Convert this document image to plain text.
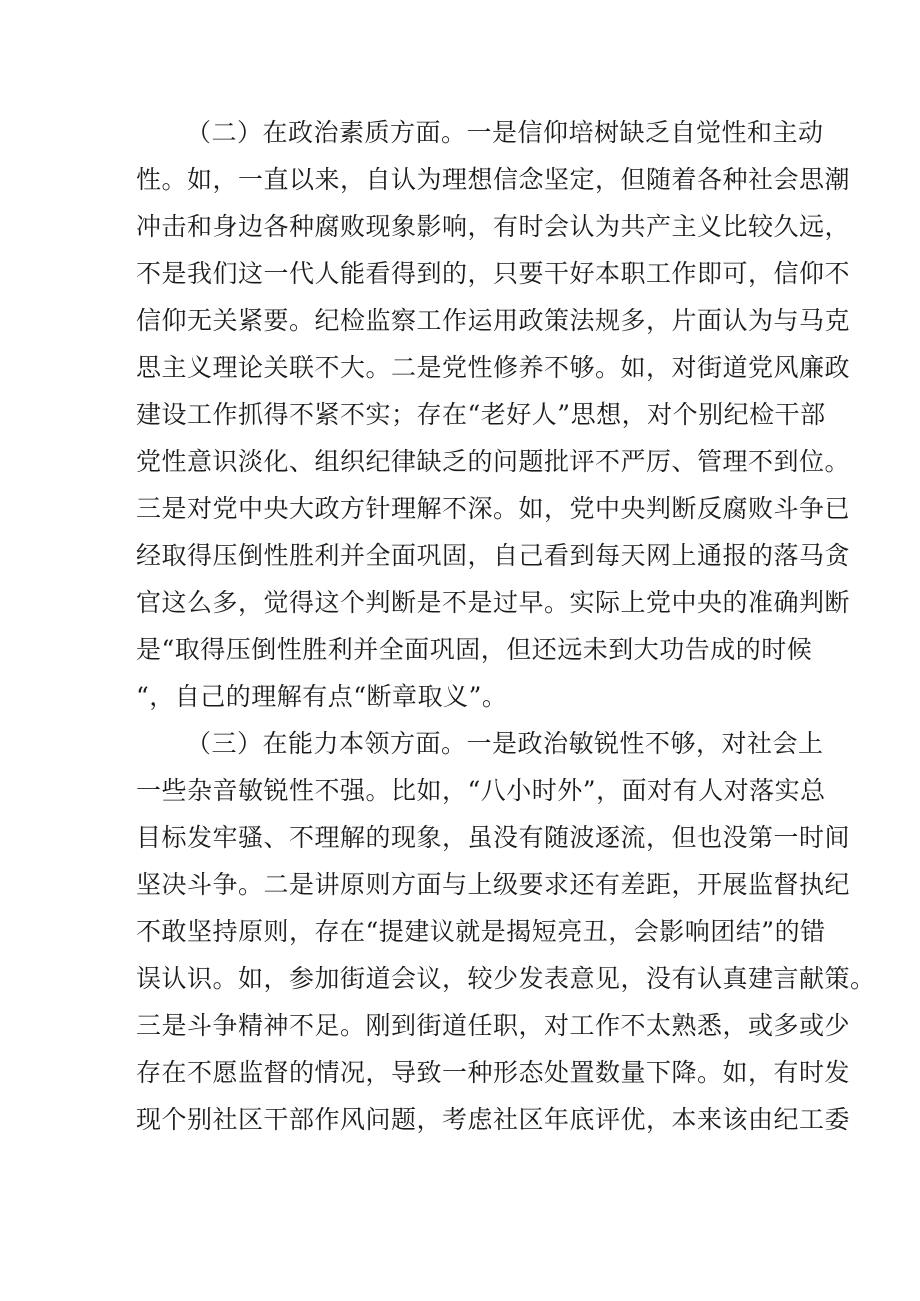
（二）在政治素质方面。一是信仰培树缺乏自觉性和主动
性。如，一直以来，自认为理想信念坚定，但随着各种社会思潮
冲击和身边各种腐败现象影响，有时会认为共产主义比较久远，
不是我们这一代人能看得到的，只要干好本职工作即可，信仰不
信仰无关紧要。纪检监察工作运用政策法规多，片面认为与马克
思主义理论关联不大。二是党性修养不够。如，对街道党风廉政
建设工作抓得不紧不实；存在“老好人”思想，对个别纪检干部
党性意识淡化、组织纪律缺乏的问题批评不严厉、管理不到位。
三是对党中央大政方针理解不深。如，党中央判断反腐败斗争已
经取得压倒性胜利并全面巩固，自己看到每天网上通报的落马贪
官这么多，觉得这个判断是不是过早。实际上党中央的准确判断
是“取得压倒性胜利并全面巩固，但还远未到大功告成的时候
“，自己的理解有点“断章取义”。
（三）在能力本领方面。一是政治敏锐性不够，对社会上
一些杂音敏锐性不强。比如，“八小时外”，面对有人对落实总
目标发牢骚、不理解的现象，虽没有随波逐流，但也没第一时间
坚决斗争。二是讲原则方面与上级要求还有差距，开展监督执纪
不敢坚持原则，存在“提建议就是揭短亮丑，会影响团结”的错
误认识。如，参加街道会议，较少发表意见，没有认真建言献策。
三是斗争精神不足。刚到街道任职，对工作不太熟悉，或多或少
存在不愿监督的情况，导致一种形态处置数量下降。如，有时发
现个别社区干部作风问题，考虑社区年底评优，本来该由纪工委
